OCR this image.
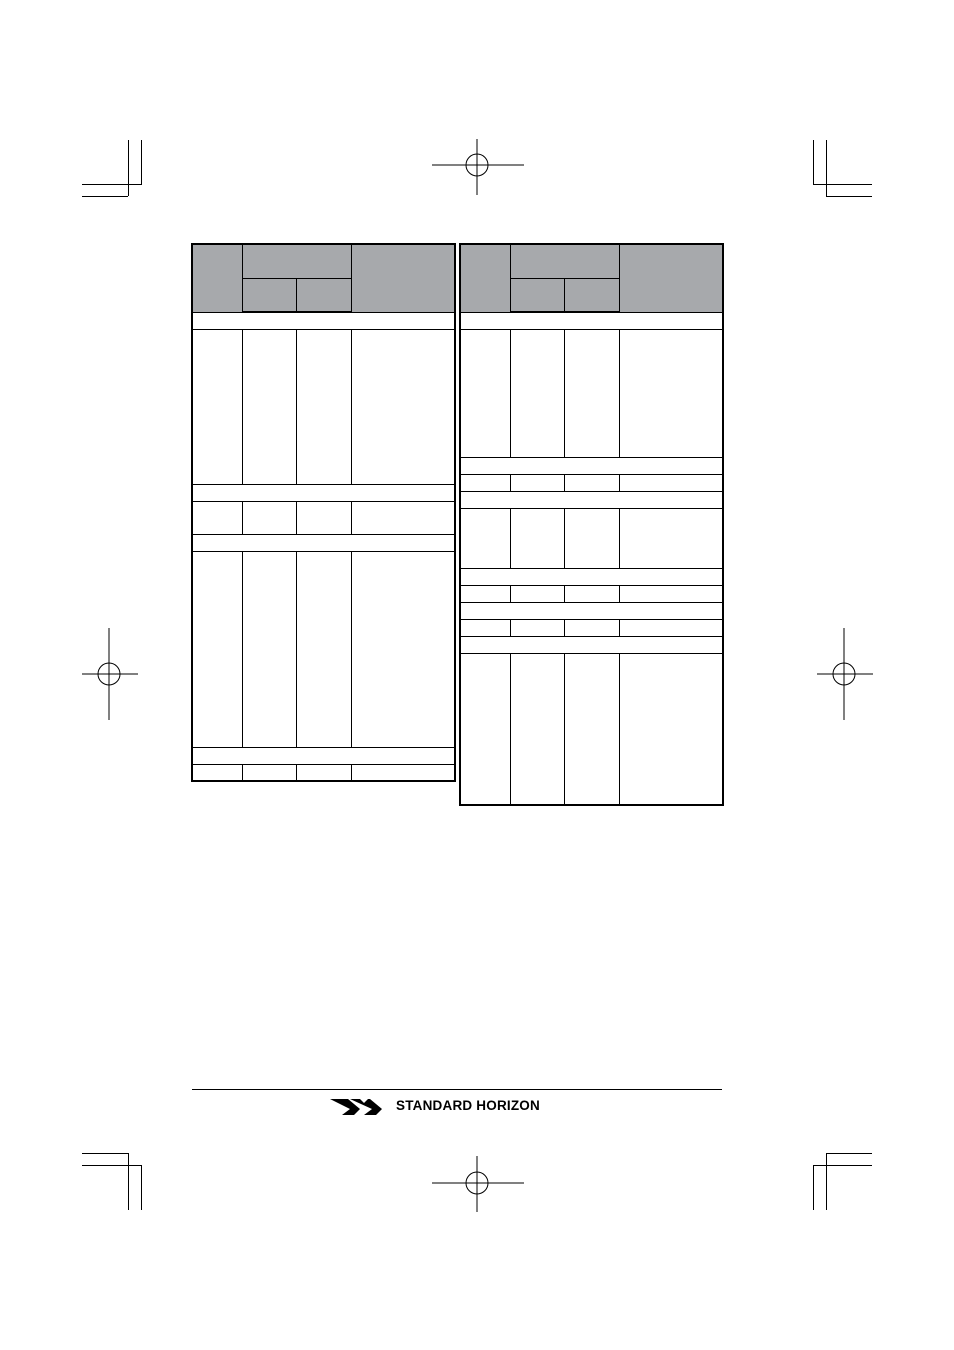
STANDARD HORIZON
